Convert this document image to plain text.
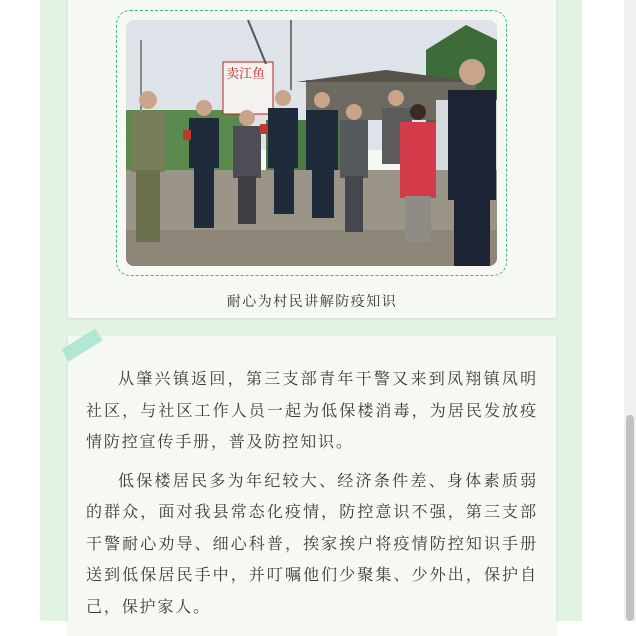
卖江鱼
耐心为村民讲解防疫知识

从肇兴镇返回，第三支部青年干警又来到凤翔镇凤明社区，与社区工作人员一起为低保楼消毒，为居民发放疫情防控宣传手册，普及防控知识。

低保楼居民多为年纪较大、经济条件差、身体素质弱的群众，面对我县常态化疫情，防控意识不强，第三支部干警耐心劝导、细心科普，挨家挨户将疫情防控知识手册送到低保居民手中，并叮嘱他们少聚集、少外出，保护自己，保护家人。
